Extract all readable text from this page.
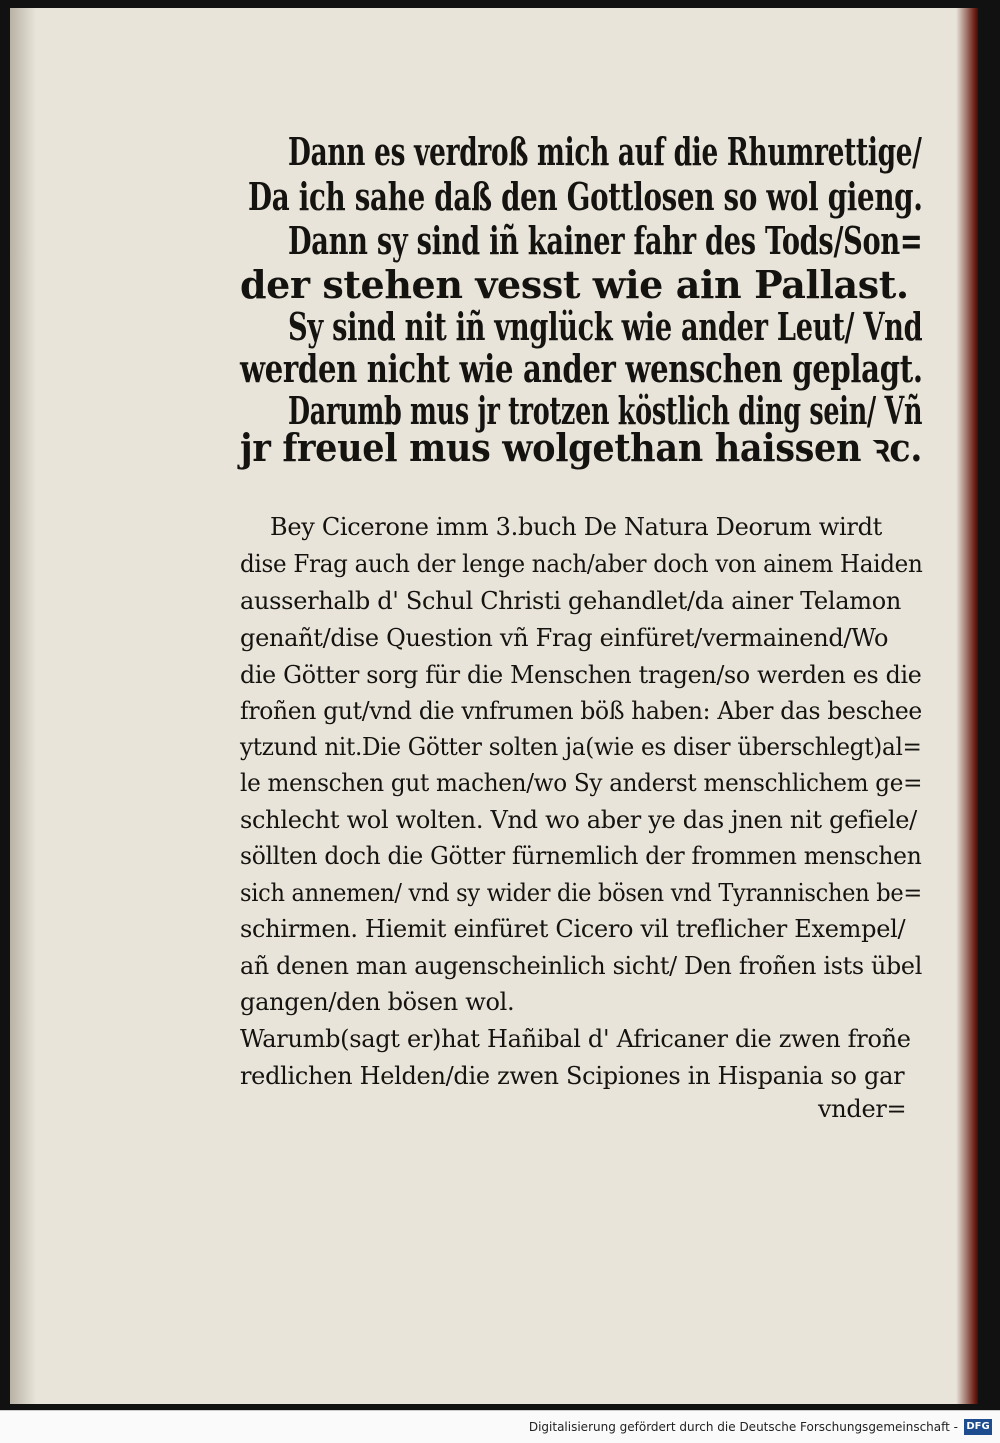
Dann es verdroß mich auf die Rhumrettige/
Da ich sahe daß den Gottlosen so wol gieng.
Dann sy sind iñ kainer fahr des Tods/Son=
der stehen vesst wie ain Pallast.
Sy sind nit iñ vnglück wie ander Leut/ Vnd
werden nicht wie ander wenschen geplagt.
Darumb mus jr trotzen köstlich ding sein/ Vñ
jr freuel mus wolgethan haissen ꝛc.
Bey Cicerone imm 3.buch De Natura Deorum wirdt
dise Frag auch der lenge nach/aber doch von ainem Haiden
ausserhalb d' Schul Christi gehandlet/da ainer Telamon
genañt/dise Question vñ Frag einfüret/vermainend/Wo
die Götter sorg für die Menschen tragen/so werden es die
froñen gut/vnd die vnfrumen böß haben: Aber das beschee
ytzund nit.Die Götter solten ja(wie es diser überschlegt)al=
le menschen gut machen/wo Sy anderst menschlichem ge=
schlecht wol wolten. Vnd wo aber ye das jnen nit gefiele/
söllten doch die Götter fürnemlich der frommen menschen
sich annemen/ vnd sy wider die bösen vnd Tyrannischen be=
schirmen. Hiemit einfüret Cicero vil treflicher Exempel/
añ denen man augenscheinlich sicht/ Den froñen ists übel
gangen/den bösen wol.
Warumb(sagt er)hat Hañibal d' Africaner die zwen froñe
redlichen Helden/die zwen Scipiones in Hispania so gar
vnder=
Digitalisierung gefördert durch die Deutsche Forschungsgemeinschaft - DFG
